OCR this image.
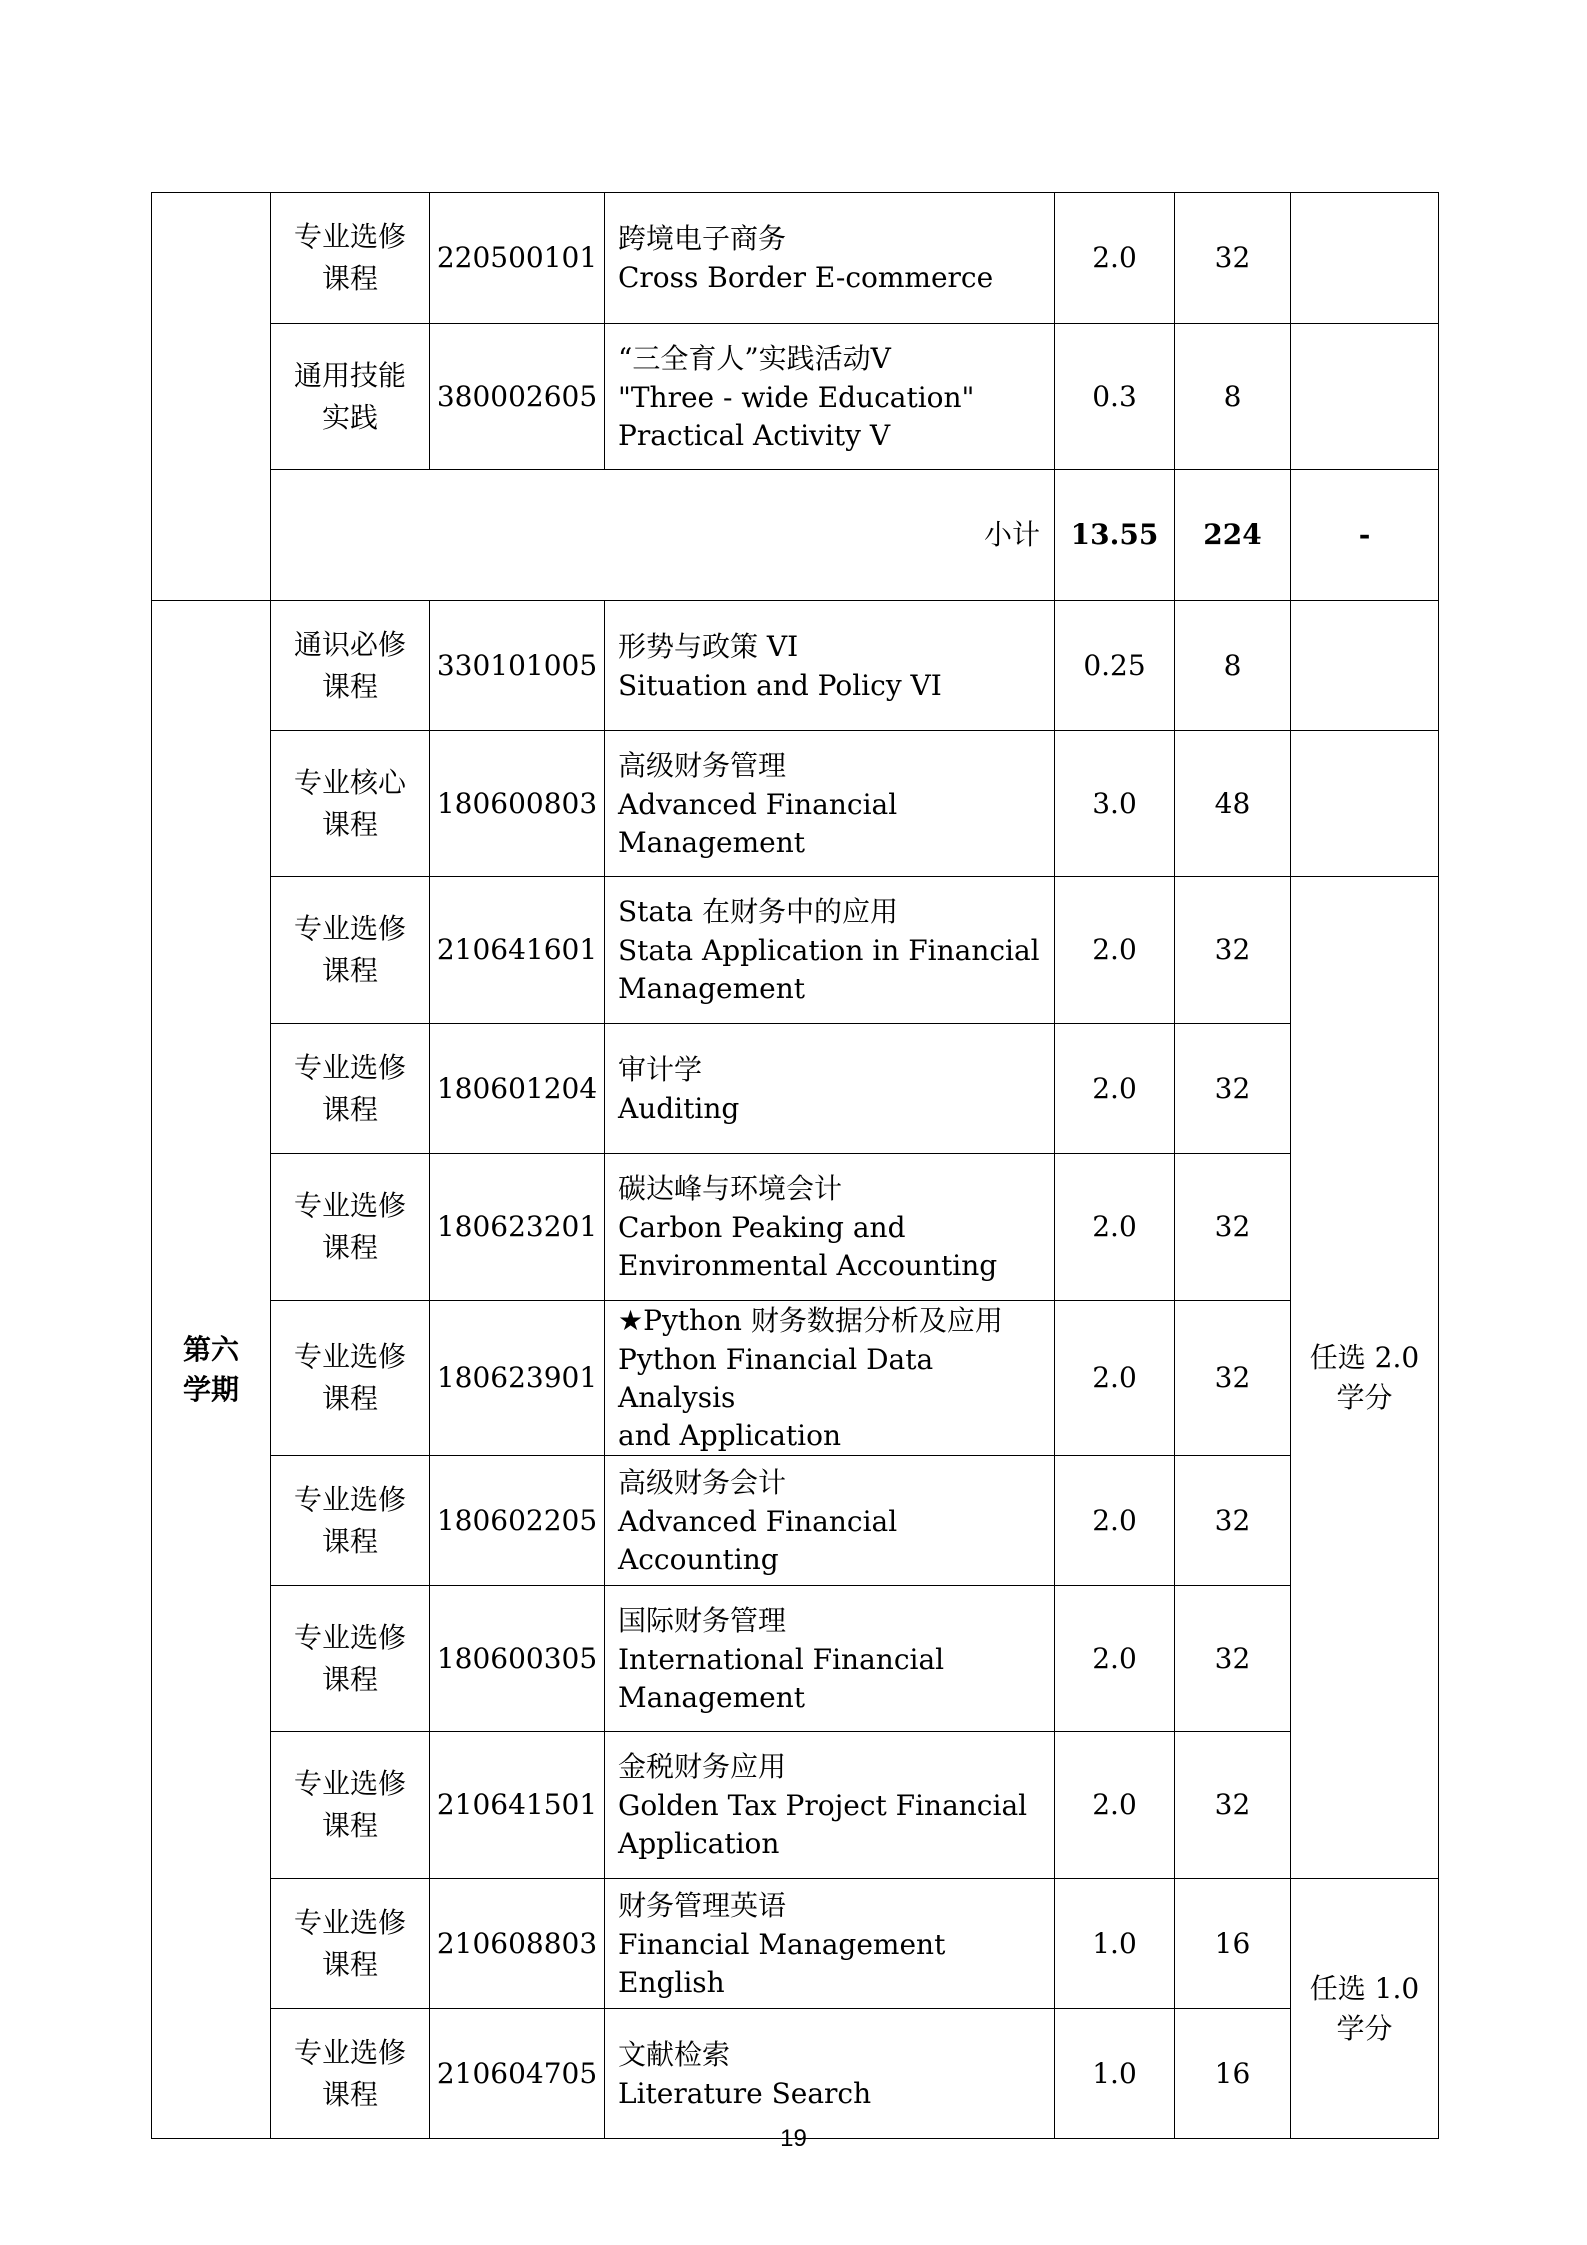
	专业选修课程	220500101	跨境电子商务
Cross Border E-commerce	2.0	32	

	通用技能实践	380002605	“三全育人”实践活动V
"Three - wide Education"
Practical Activity V	0.3	8	
	小计			13.55	224	-

第六学期	通识必修课程	330101005	形势与政策 VI
Situation and Policy VI	0.25	8	

	专业核心课程	180600803	高级财务管理
Advanced Financial
Management	3.0	48	

	专业选修课程	210641601	Stata 在财务中的应用
Stata Application in Financial
Management	2.0	32	任选 2.0 学分

	专业选修课程	180601204	审计学
Auditing	2.0	32	

	专业选修课程	180623201	碳达峰与环境会计
Carbon Peaking and
Environmental Accounting	2.0	32	

	专业选修课程	180623901	★Python 财务数据分析及应用
Python Financial Data Analysis
and Application	2.0	32	

	专业选修课程	180602205	高级财务会计
Advanced Financial Accounting	2.0	32	

	专业选修课程	180600305	国际财务管理
International Financial
Management	2.0	32	

	专业选修课程	210641501	金税财务应用
Golden Tax Project Financial
Application	2.0	32	

	专业选修课程	210608803	财务管理英语
Financial Management English	1.0	16	任选 1.0 学分

	专业选修课程	210604705	文献检索
Literature Search	1.0	16	
19
